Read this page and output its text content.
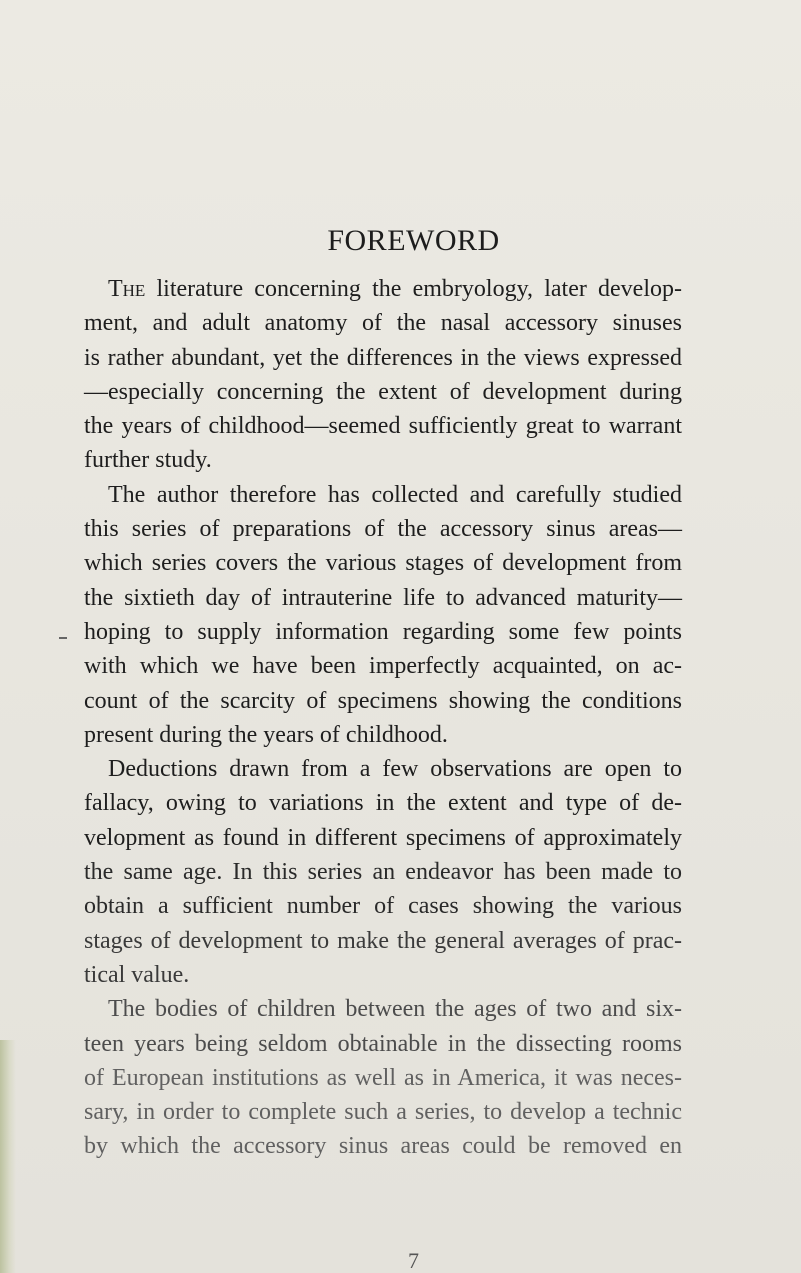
FOREWORD
The literature concerning the embryology, later develop-
ment, and adult anatomy of the nasal accessory sinuses
is rather abundant, yet the differences in the views expressed
—especially concerning the extent of development during
the years of childhood—seemed sufficiently great to warrant
further study.
The author therefore has collected and carefully studied
this series of preparations of the accessory sinus areas—
which series covers the various stages of development from
the sixtieth day of intrauterine life to advanced maturity—
hoping to supply information regarding some few points
with which we have been imperfectly acquainted, on ac-
count of the scarcity of specimens showing the conditions
present during the years of childhood.
Deductions drawn from a few observations are open to
fallacy, owing to variations in the extent and type of de-
velopment as found in different specimens of approximately
the same age. In this series an endeavor has been made to
obtain a sufficient number of cases showing the various
stages of development to make the general averages of prac-
tical value.
The bodies of children between the ages of two and six-
teen years being seldom obtainable in the dissecting rooms
of European institutions as well as in America, it was neces-
sary, in order to complete such a series, to develop a technic
by which the accessory sinus areas could be removed en
7
